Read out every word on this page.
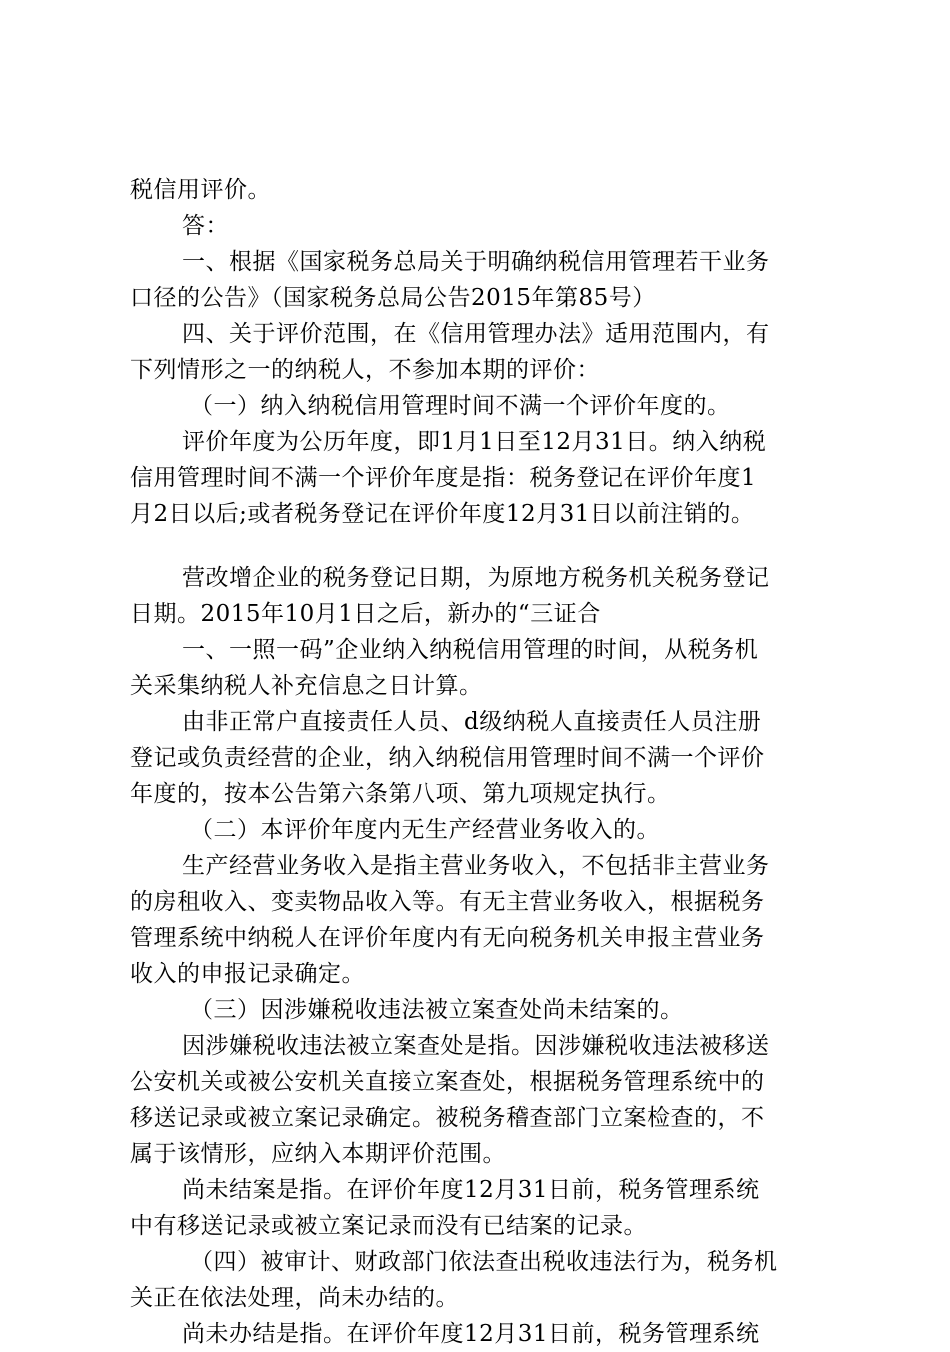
税信用评价。
答：
一、根据《国家税务总局关于明确纳税信用管理若干业务
口径的公告》（国家税务总局公告2015年第85号）
四、关于评价范围，在《信用管理办法》适用范围内，有
下列情形之一的纳税人，不参加本期的评价：
（一）纳入纳税信用管理时间不满一个评价年度的。
评价年度为公历年度，即1月1日至12月31日。纳入纳税
信用管理时间不满一个评价年度是指：税务登记在评价年度1
月2日以后;或者税务登记在评价年度12月31日以前注销的。
营改增企业的税务登记日期，为原地方税务机关税务登记
日期。2015年10月1日之后，新办的“三证合
一、一照一码”企业纳入纳税信用管理的时间，从税务机
关采集纳税人补充信息之日计算。
由非正常户直接责任人员、d级纳税人直接责任人员注册
登记或负责经营的企业，纳入纳税信用管理时间不满一个评价
年度的，按本公告第六条第八项、第九项规定执行。
（二）本评价年度内无生产经营业务收入的。
生产经营业务收入是指主营业务收入，不包括非主营业务
的房租收入、变卖物品收入等。有无主营业务收入，根据税务
管理系统中纳税人在评价年度内有无向税务机关申报主营业务
收入的申报记录确定。
（三）因涉嫌税收违法被立案查处尚未结案的。
因涉嫌税收违法被立案查处是指。因涉嫌税收违法被移送
公安机关或被公安机关直接立案查处，根据税务管理系统中的
移送记录或被立案记录确定。被税务稽查部门立案检查的，不
属于该情形，应纳入本期评价范围。
尚未结案是指。在评价年度12月31日前，税务管理系统
中有移送记录或被立案记录而没有已结案的记录。
（四）被审计、财政部门依法查出税收违法行为，税务机
关正在依法处理，尚未办结的。
尚未办结是指。在评价年度12月31日前，税务管理系统
